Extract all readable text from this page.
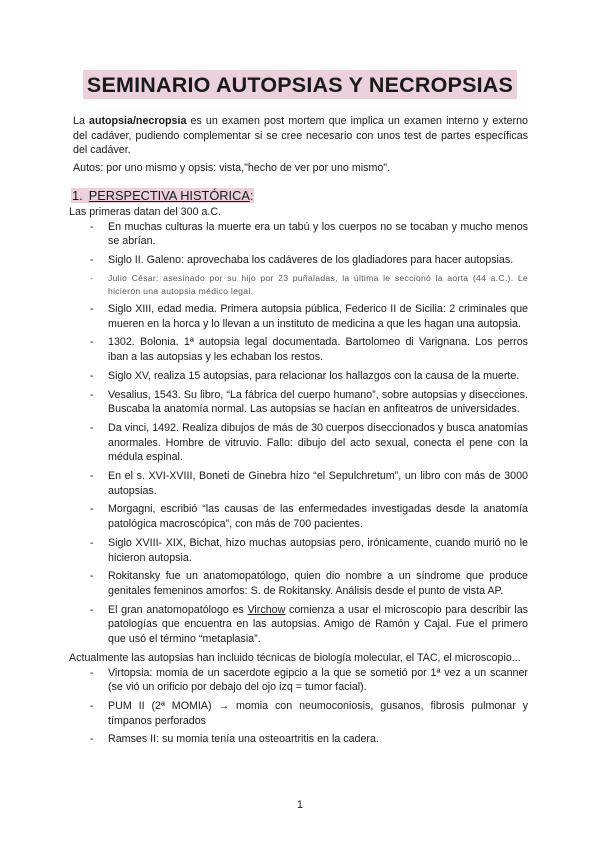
SEMINARIO AUTOPSIAS Y NECROPSIAS

La autopsia/necropsia es un examen post mortem que implica un examen interno y externo del cadáver, pudiendo complementar si se cree necesario con unos test de partes específicas del cadáver.

Autos: por uno mismo y opsis: vista,"hecho de ver por uno mismo".

1. PERSPECTIVA HISTÓRICA:

Las primeras datan del 300 a.C.

- En muchas culturas la muerte era un tabú y los cuerpos no se tocaban y mucho menos se abrían.
- Siglo II. Galeno: aprovechaba los cadáveres de los gladiadores para hacer autopsias.
- Julio César: asesinado por su hijo por 23 puñaladas, la última le seccionó la aorta (44 a.C.). Le hicieron una autopsia médico legal.
- Siglo XIII, edad media. Primera autopsia pública, Federico II de Sicilia: 2 criminales que mueren en la horca y lo llevan a un instituto de medicina a que les hagan una autopsia.
- 1302. Bolonia. 1ª autopsia legal documentada. Bartolomeo di Varignana. Los perros iban a las autopsias y les echaban los restos.
- Siglo XV, realiza 15 autopsias, para relacionar los hallazgos con la causa de la muerte.
- Vesalius, 1543. Su libro, “La fábrica del cuerpo humano”, sobre autopsias y disecciones. Buscaba la anatomía normal. Las autopsias se hacían en anfiteatros de universidades.
- Da vinci, 1492. Realiza dibujos de más de 30 cuerpos diseccionados y busca anatomías anormales. Hombre de vitruvio. Fallo: dibujo del acto sexual, conecta el pene con la médula espinal.
- En el s. XVI-XVIII, Boneti de Ginebra hizo “el Sepulchretum”, un libro con más de 3000 autopsias.
- Morgagni, escribió “las causas de las enfermedades investigadas desde la anatomía patológica macroscópica”, con más de 700 pacientes.
- Siglo XVIII- XIX, Bichat, hizo muchas autopsias pero, irónicamente, cuando murió no le hicieron autopsia.
- Rokitansky fue un anatomopatólogo, quien dio nombre a un síndrome que produce genitales femeninos amorfos: S. de Rokitansky. Análisis desde el punto de vista AP.
- El gran anatomopatólogo es Virchow comienza a usar el microscopio para describir las patologías que encuentra en las autopsias. Amigo de Ramón y Cajal. Fue el primero que usó el término “metaplasia”.

Actualmente las autopsias han incluido técnicas de biología molecular, el TAC, el microscopio...

- Virtopsia: momia de un sacerdote egipcio a la que se sometió por 1ª vez a un scanner (se vió un orificio por debajo del ojo izq = tumor facial).
- PUM II (2ª MOMIA) → momia con neumoconiosis, gusanos, fibrosis pulmonar y tímpanos perforados
- Ramses II: su momia tenía una osteoartritis en la cadera.
1
